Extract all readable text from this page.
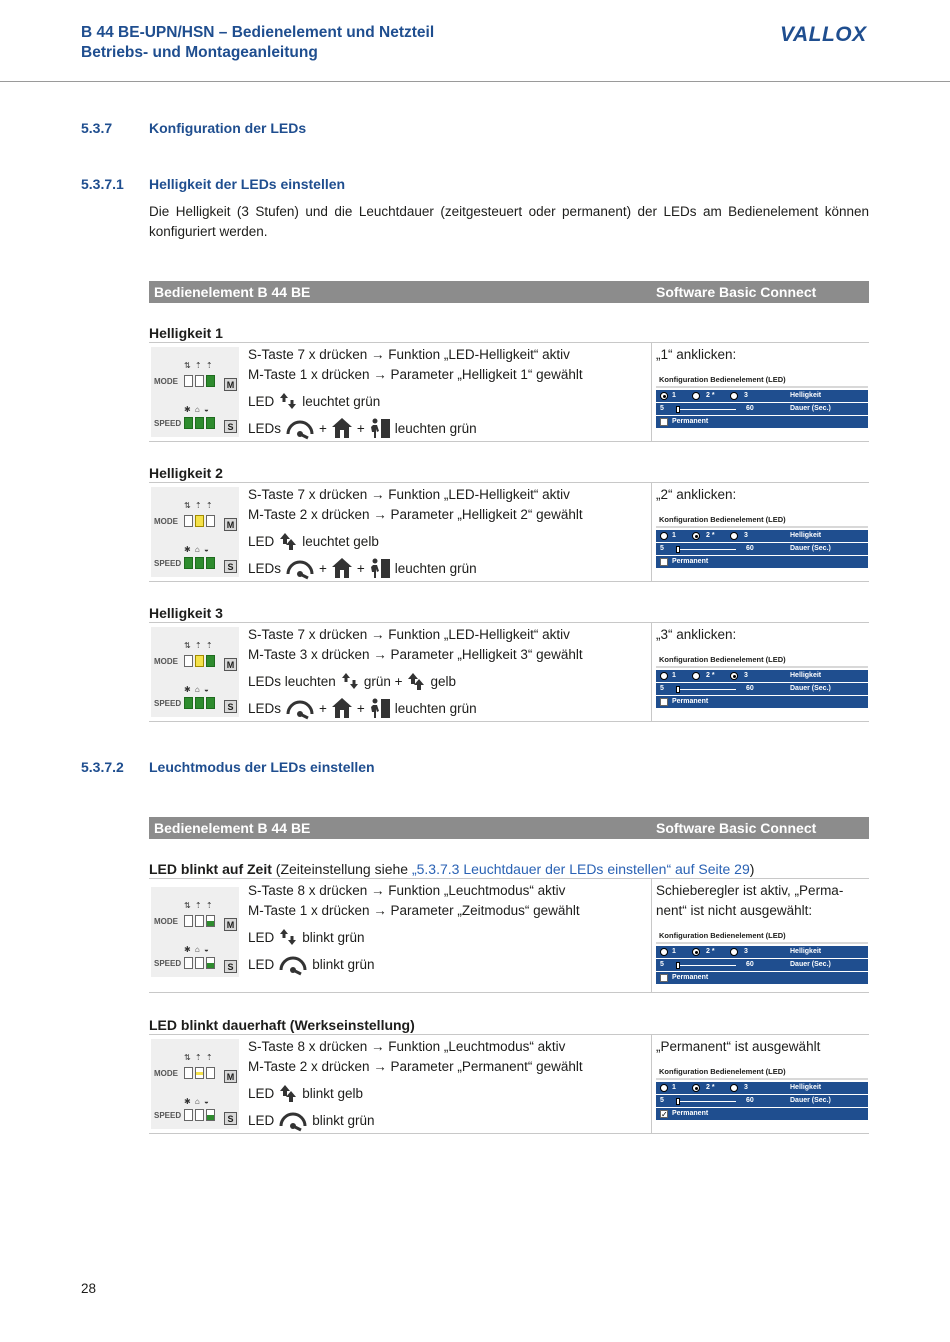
B 44 BE-UPN/HSN – Bedienelement und Netzteil
Betriebs- und Montageanleitung
VALLOX
5.3.7	Konfiguration der LEDs
5.3.7.1 Helligkeit der LEDs einstellen
Die Helligkeit (3 Stufen) und die Leuchtdauer (zeitgesteuert oder permanent) der LEDs am Bedienelement können konfiguriert werden.
Bedienelement B 44 BE	Software Basic Connect
Helligkeit 1
⇅ ⇡ ⇡
MODE	M
✱ ⌂ ◒
SPEED	S
S-Taste 7 x drücken → Funktion „LED-Helligkeit“ aktiv
M-Taste 1 x drücken → Parameter „Helligkeit 1“ gewählt
LED leuchtet grün
LEDs	+ + leuchten grün
„1“ anklicken:
Konfiguration Bedienelement (LED)
1	2 *	3	Helligkeit
5	60	Dauer (Sec.)
Permanent
Helligkeit 2
⇅ ⇡ ⇡
MODE	M
✱ ⌂ ◒
SPEED	S
S-Taste 7 x drücken → Funktion „LED-Helligkeit“ aktiv
M-Taste 2 x drücken → Parameter „Helligkeit 2“ gewählt
LED leuchtet gelb
LEDs	+ + leuchten grün
„2“ anklicken:
Konfiguration Bedienelement (LED)
1	2 *	3	Helligkeit
5	60	Dauer (Sec.)
Permanent
Helligkeit 3
⇅ ⇡ ⇡
MODE	M
✱ ⌂ ◒
SPEED	S
S-Taste 7 x drücken → Funktion „LED-Helligkeit“ aktiv
M-Taste 3 x drücken → Parameter „Helligkeit 3“ gewählt
LEDs leuchten grün + gelb
LEDs	+ + leuchten grün
„3“ anklicken:
Konfiguration Bedienelement (LED)
1	2 *	3	Helligkeit
5	60	Dauer (Sec.)
Permanent
5.3.7.2 Leuchtmodus der LEDs einstellen
Bedienelement B 44 BE	Software Basic Connect
LED blinkt auf Zeit (Zeiteinstellung siehe „5.3.7.3 Leuchtdauer der LEDs einstellen“ auf Seite 29)
⇅ ⇡ ⇡
MODE	M
✱ ⌂ ◒
SPEED	S
S-Taste 8 x drücken → Funktion „Leuchtmodus“ aktiv
M-Taste 1 x drücken → Parameter „Zeitmodus“ gewählt
LED blinkt grün
LED	blinkt grün
Schieberegler ist aktiv, „Perma-
nent“ ist nicht ausgewählt:
Konfiguration Bedienelement (LED)
1	2 *	3	Helligkeit
5	60	Dauer (Sec.)
Permanent
LED blinkt dauerhaft (Werkseinstellung)
⇅ ⇡ ⇡
MODE	M
✱ ⌂ ◒
SPEED	S
S-Taste 8 x drücken → Funktion „Leuchtmodus“ aktiv
M-Taste 2 x drücken → Parameter „Permanent“ gewählt
LED blinkt gelb
LED	blinkt grün
„Permanent“ ist ausgewählt
Konfiguration Bedienelement (LED)
1	2 *	3	Helligkeit
5	60	Dauer (Sec.)
✓ Permanent
28
